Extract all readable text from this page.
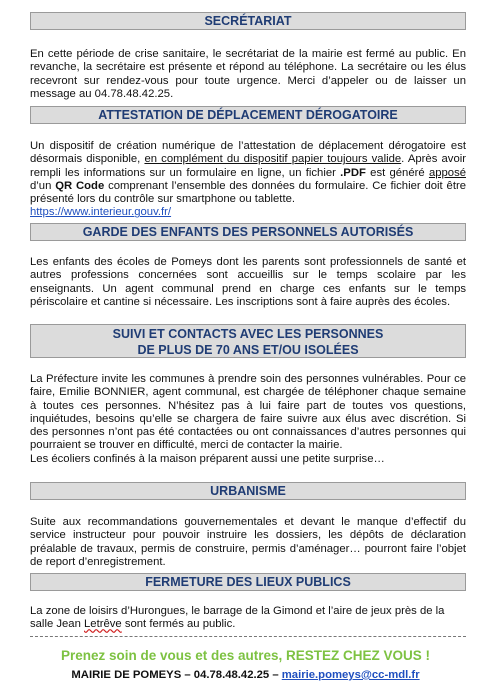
SECRÉTARIAT

En cette période de crise sanitaire, le secrétariat de la mairie est fermé au public. En revanche, la secrétaire est présente et répond au téléphone. La secrétaire ou les élus recevront sur rendez-vous pour toute urgence. Merci d’appeler ou de laisser un message au 04.78.48.42.25.

ATTESTATION DE DÉPLACEMENT DÉROGATOIRE

Un dispositif de création numérique de l’attestation de déplacement dérogatoire est désormais disponible, en complément du dispositif papier toujours valide. Après avoir rempli les informations sur un formulaire en ligne, un fichier .PDF est généré apposé d’un QR Code comprenant l’ensemble des données du formulaire. Ce fichier doit être présenté lors du contrôle sur smartphone ou tablette.
https://www.interieur.gouv.fr/

GARDE DES ENFANTS DES PERSONNELS AUTORISÉS

Les enfants des écoles de Pomeys dont les parents sont professionnels de santé et autres professions concernées sont accueillis sur le temps scolaire par les enseignants. Un agent communal prend en charge ces enfants sur le temps périscolaire et cantine si nécessaire. Les inscriptions sont à faire auprès des écoles.

SUIVI ET CONTACTS AVEC LES PERSONNES
DE PLUS DE 70 ANS ET/OU ISOLÉES

La Préfecture invite les communes à prendre soin des personnes vulnérables. Pour ce faire, Emilie BONNIER, agent communal, est chargée de téléphoner chaque semaine à toutes ces personnes. N’hésitez pas à lui faire part de toutes vos questions, inquiétudes, besoins qu’elle se chargera de faire suivre aux élus avec discrétion. Si des personnes n’ont pas été contactées ou ont connaissances d’autres personnes qui pourraient se trouver en difficulté, merci de contacter la mairie.
Les écoliers confinés à la maison préparent aussi une petite surprise…

URBANISME

Suite aux recommandations gouvernementales et devant le manque d’effectif du service instructeur pour pouvoir instruire les dossiers, les dépôts de déclaration préalable de travaux, permis de construire, permis d’aménager… pourront faire l’objet de report d’enregistrement.

FERMETURE DES LIEUX PUBLICS

La zone de loisirs d’Hurongues, le barrage de la Gimond et l’aire de jeux près de la salle Jean Letrêve sont fermés au public.

Prenez soin de vous et des autres, RESTEZ CHEZ VOUS !
MAIRIE DE POMEYS – 04.78.48.42.25 – mairie.pomeys@cc-mdl.fr
